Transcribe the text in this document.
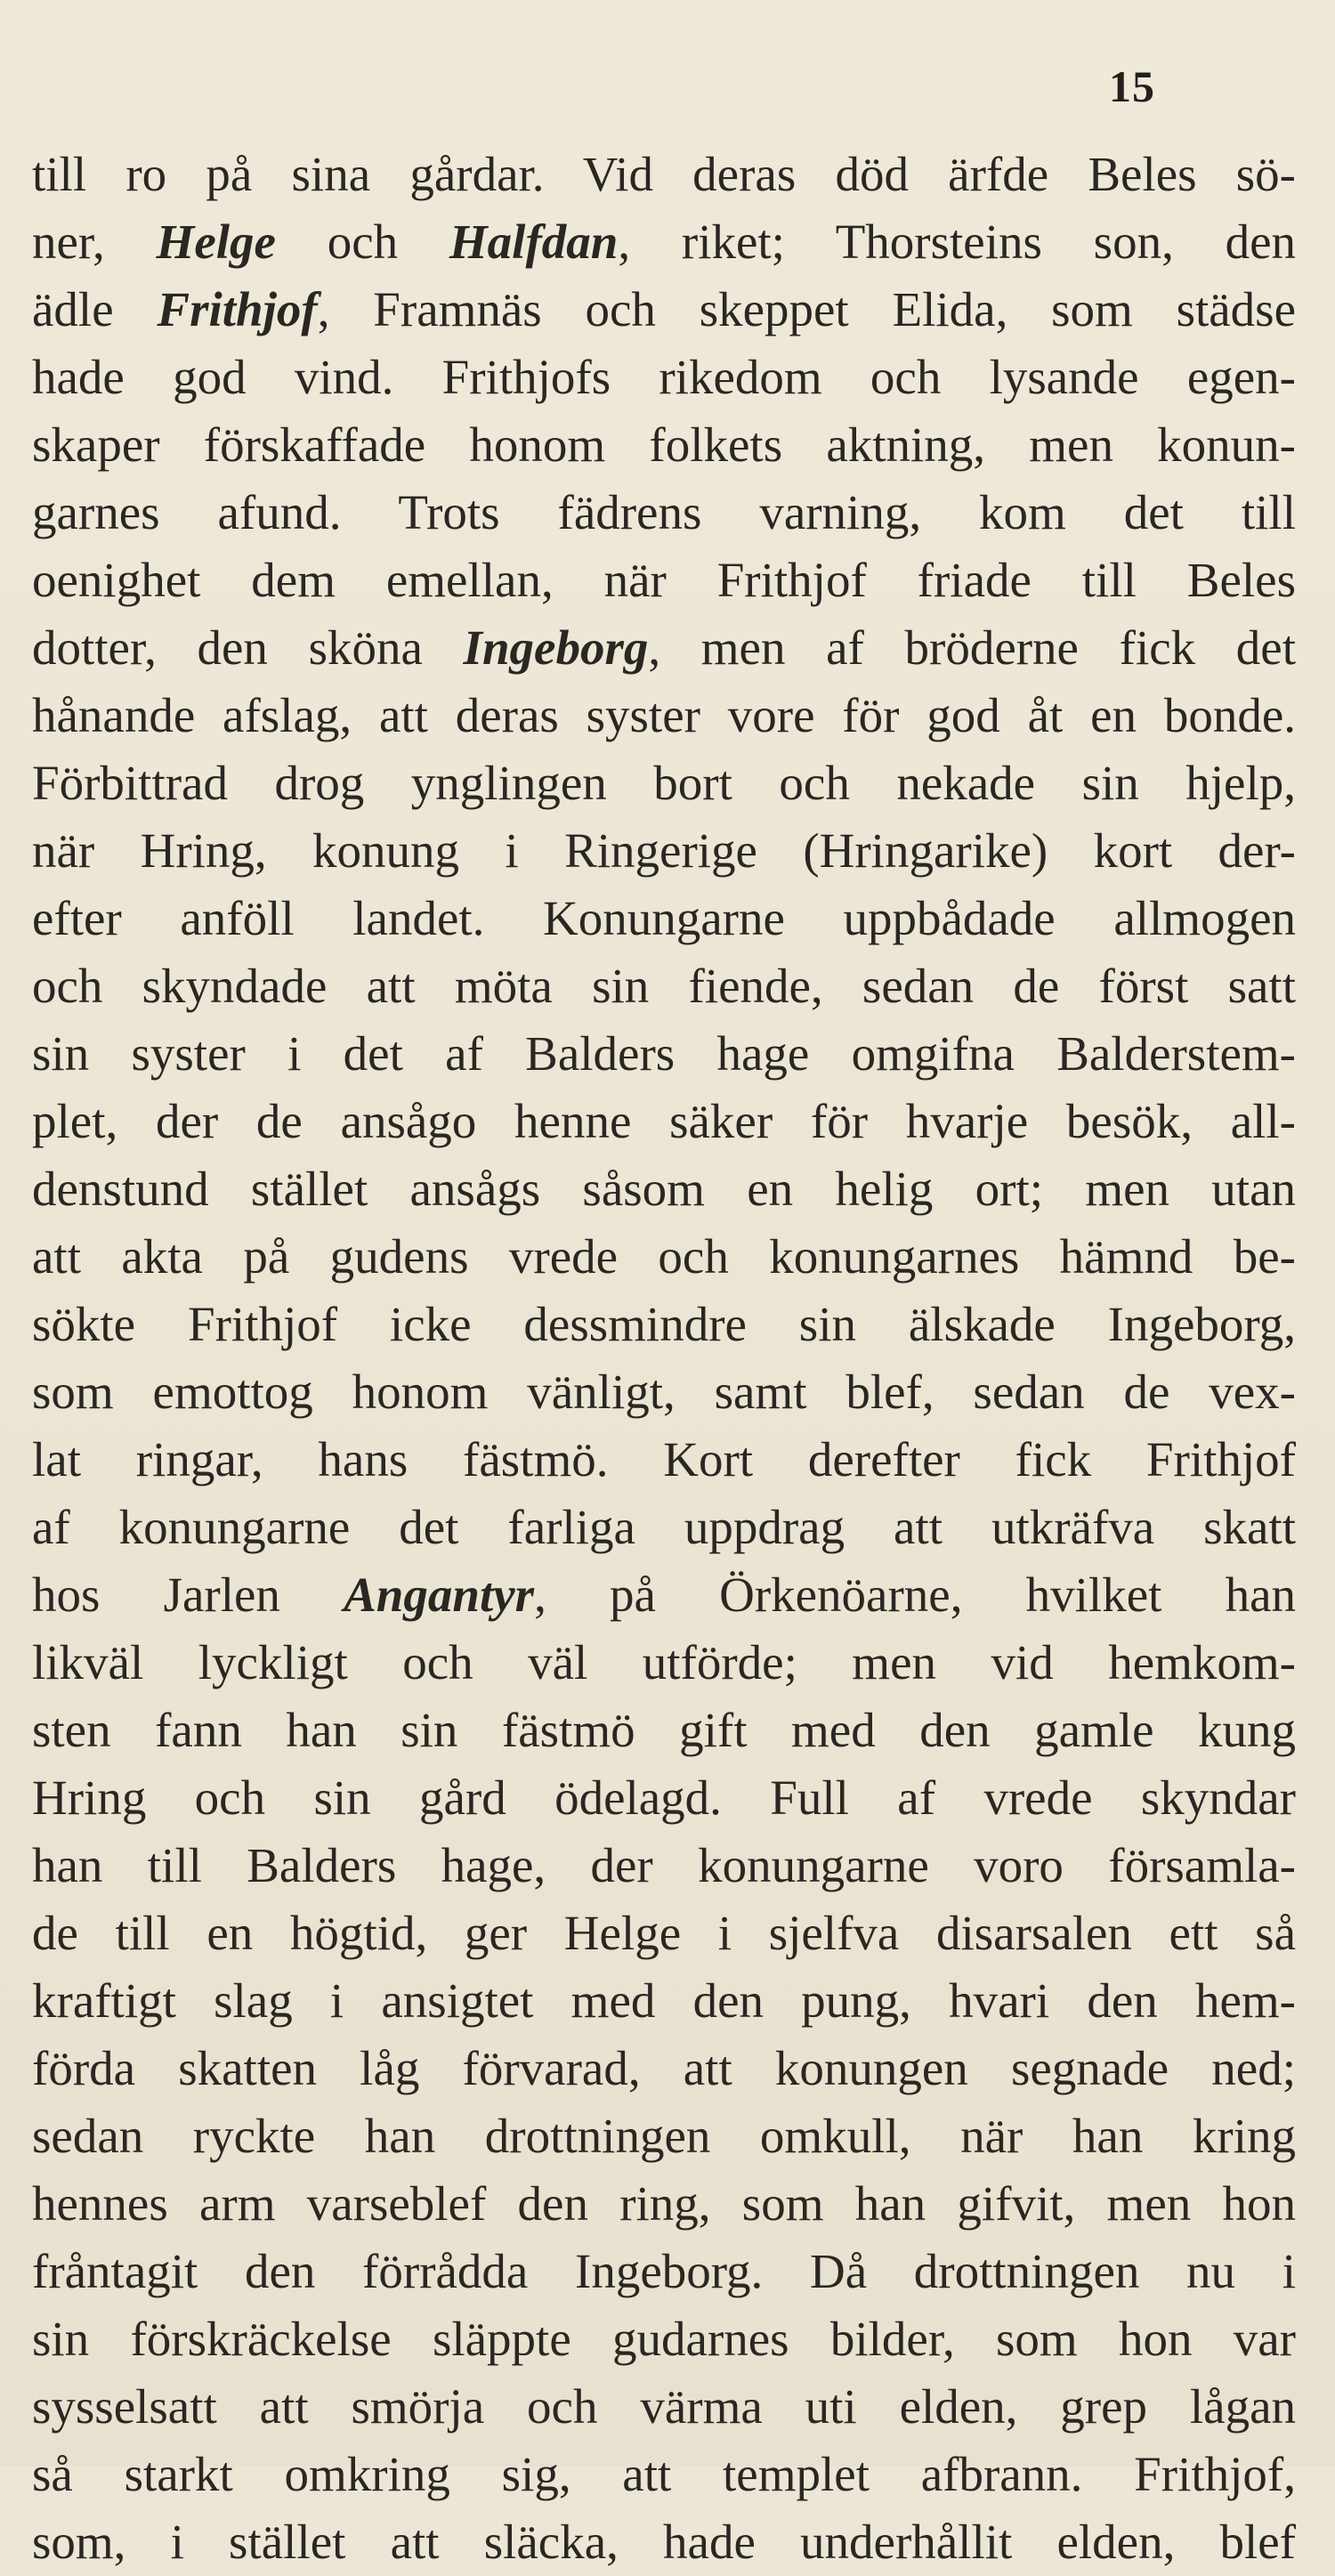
15
till ro på sina gårdar. Vid deras död ärfde Beles sö-
ner, Helge och Halfdan, riket; Thorsteins son, den
ädle Frithjof, Framnäs och skeppet Elida, som städse
hade god vind. Frithjofs rikedom och lysande egen-
skaper förskaffade honom folkets aktning, men konun-
garnes afund. Trots fädrens varning, kom det till
oenighet dem emellan, när Frithjof friade till Beles
dotter, den sköna Ingeborg, men af bröderne fick det
hånande afslag, att deras syster vore för god åt en bonde.
Förbittrad drog ynglingen bort och nekade sin hjelp,
när Hring, konung i Ringerige (Hringarike) kort der-
efter anföll landet. Konungarne uppbådade allmogen
och skyndade att möta sin fiende, sedan de först satt
sin syster i det af Balders hage omgifna Balderstem-
plet, der de ansågo henne säker för hvarje besök, all-
denstund stället ansågs såsom en helig ort; men utan
att akta på gudens vrede och konungarnes hämnd be-
sökte Frithjof icke dessmindre sin älskade Ingeborg,
som emottog honom vänligt, samt blef, sedan de vex-
lat ringar, hans fästmö. Kort derefter fick Frithjof
af konungarne det farliga uppdrag att utkräfva skatt
hos Jarlen Angantyr, på Örkenöarne, hvilket han
likväl lyckligt och väl utförde; men vid hemkom-
sten fann han sin fästmö gift med den gamle kung
Hring och sin gård ödelagd. Full af vrede skyndar
han till Balders hage, der konungarne voro församla-
de till en högtid, ger Helge i sjelfva disarsalen ett så
kraftigt slag i ansigtet med den pung, hvari den hem-
förda skatten låg förvarad, att konungen segnade ned;
sedan ryckte han drottningen omkull, när han kring
hennes arm varseblef den ring, som han gifvit, men hon
fråntagit den förrådda Ingeborg. Då drottningen nu i
sin förskräckelse släppte gudarnes bilder, som hon var
sysselsatt att smörja och värma uti elden, grep lågan
så starkt omkring sig, att templet afbrann. Frithjof,
som, i stället att släcka, hade underhållit elden, blef
